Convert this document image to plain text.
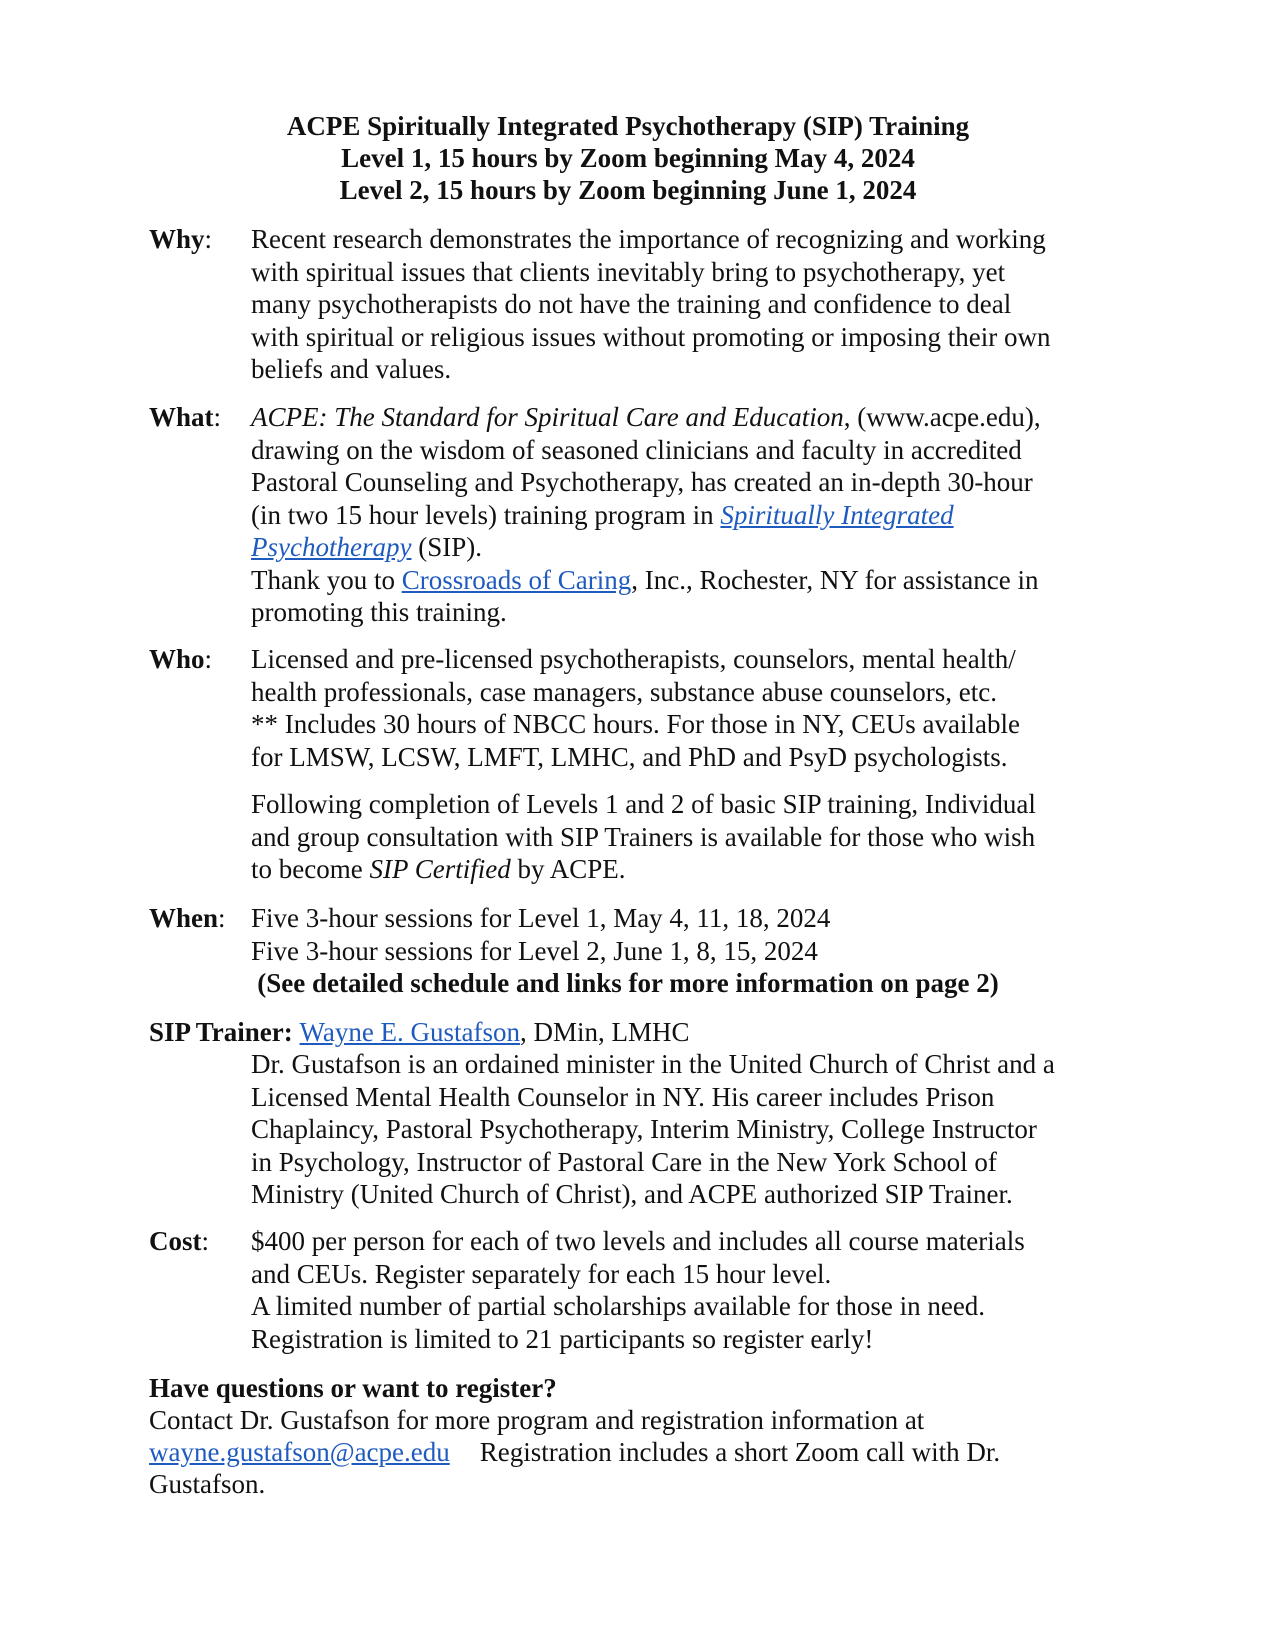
ACPE Spiritually Integrated Psychotherapy (SIP) Training
Level 1, 15 hours by Zoom beginning May 4, 2024
Level 2, 15 hours by Zoom beginning June 1, 2024
Why: Recent research demonstrates the importance of recognizing and working
with spiritual issues that clients inevitably bring to psychotherapy, yet
many psychotherapists do not have the training and confidence to deal
with spiritual or religious issues without promoting or imposing their own
beliefs and values.
What: ACPE: The Standard for Spiritual Care and Education, (www.acpe.edu),
drawing on the wisdom of seasoned clinicians and faculty in accredited
Pastoral Counseling and Psychotherapy, has created an in-depth 30-hour
(in two 15 hour levels) training program in Spiritually Integrated
Psychotherapy (SIP).
Thank you to Crossroads of Caring, Inc., Rochester, NY for assistance in
promoting this training.
Who: Licensed and pre-licensed psychotherapists, counselors, mental health/
health professionals, case managers, substance abuse counselors, etc.
** Includes 30 hours of NBCC hours. For those in NY, CEUs available
for LMSW, LCSW, LMFT, LMHC, and PhD and PsyD psychologists.
Following completion of Levels 1 and 2 of basic SIP training, Individual
and group consultation with SIP Trainers is available for those who wish
to become SIP Certified by ACPE.
When: Five 3-hour sessions for Level 1, May 4, 11, 18, 2024
Five 3-hour sessions for Level 2, June 1, 8, 15, 2024
(See detailed schedule and links for more information on page 2)
SIP Trainer: Wayne E. Gustafson, DMin, LMHC
Dr. Gustafson is an ordained minister in the United Church of Christ and a
Licensed Mental Health Counselor in NY. His career includes Prison
Chaplaincy, Pastoral Psychotherapy, Interim Ministry, College Instructor
in Psychology, Instructor of Pastoral Care in the New York School of
Ministry (United Church of Christ), and ACPE authorized SIP Trainer.
Cost: $400 per person for each of two levels and includes all course materials
and CEUs. Register separately for each 15 hour level.
A limited number of partial scholarships available for those in need.
Registration is limited to 21 participants so register early!
Have questions or want to register?
Contact Dr. Gustafson for more program and registration information at
wayne.gustafson@acpe.edu Registration includes a short Zoom call with Dr.
Gustafson.
